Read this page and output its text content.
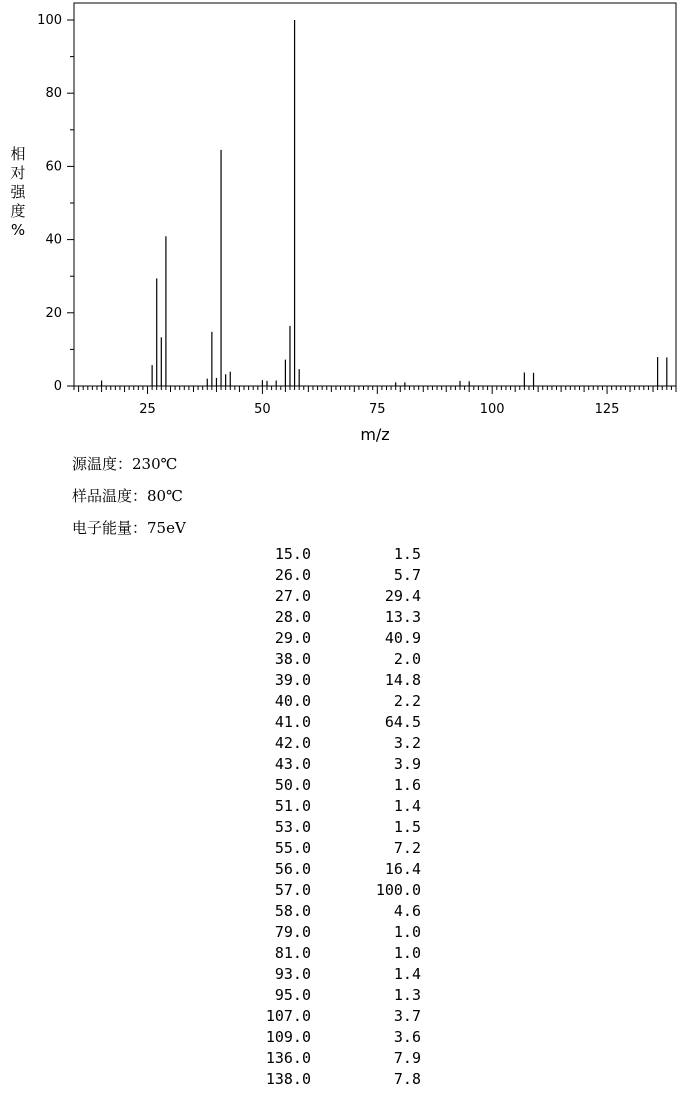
0
20
40
60
80
100
25	50	75	100	125
m/z
相
对
强
度
%
源温度：230℃
样品温度：80℃
电子能量：75eV
15.0	1.5
26.0	5.7
27.0	29.4
28.0	13.3
29.0	40.9
38.0	2.0
39.0	14.8
40.0	2.2
41.0	64.5
42.0	3.2
43.0	3.9
50.0	1.6
51.0	1.4
53.0	1.5
55.0	7.2
56.0	16.4
57.0	100.0
58.0	4.6
79.0	1.0
81.0	1.0
93.0	1.4
95.0	1.3
107.0	3.7
109.0	3.6
136.0	7.9
138.0	7.8
